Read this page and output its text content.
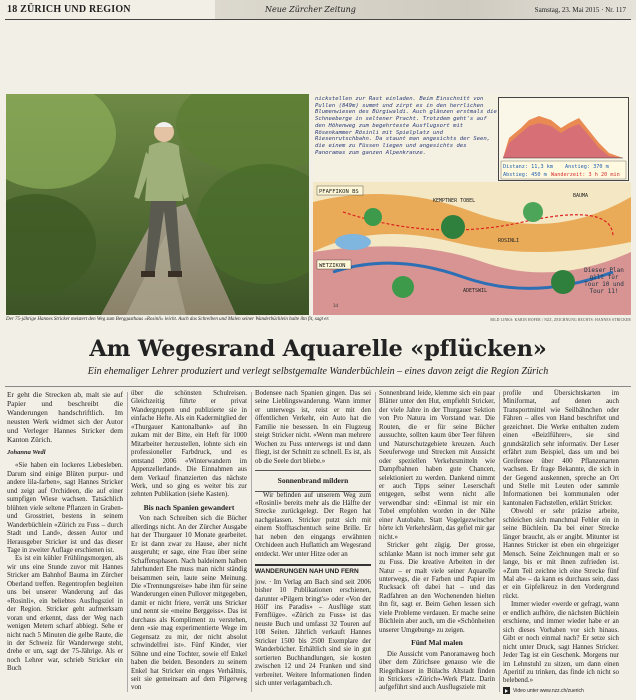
18 ZÜRICH UND REGION	Neue Zürcher Zeitung	Samstag, 23. Mai 2015 · Nr. 117
nickstellen zur Rast einladen. Beim Einschnitt von Pullen (849m) summt und zirpt es in den herrlichen Blumenwiesen des Bürgiwaldi. Auch glänzen erstmals die Schneeberge in seltener Pracht. Trotzdem geht's auf den Höhenweg zum begehrteste Ausflugsort mit Rösenkammer Rösinli mit Spielplatz und Riesenrutschbahn. Da staunt man angesichts der Seen, die einem zu Füssen liegen und angesichts des Panoramas zum ganzen Alpenkranze.
Distanz: 11,3 km Anstieg: 370 m
Abstieg: 450 m Wanderzeit: 3 h 20 min
PFAFFIKON BS
WETZIKON
KEMPTNER TOBEL
ROSINLI
ADETSWIL
BAUMA
Dieser Plan gilt für Tour 10 und Tour 11!
34
Der 75-jährige Hannes Stricker meistert den Weg zum Berggasthaus «Rosinli» leicht. Auch das Schreiben und Malen seiner Wanderbüchlein halte ihn fit, sagt er.	BILD LINKS: KARIN HOFER / NZZ, ZEICHNUNG RECHTS: HANNES STRICKER
Am Wegesrand Aquarelle «pflücken»
Ein ehemaliger Lehrer produziert und verlegt selbstgemalte Wanderbüchlein – eines davon zeigt die Region Zürich

Er geht die Strecken ab, malt sie auf Papier und beschreibt die Wanderungen handschriftlich. Im neusten Werk widmet sich der Autor und Verleger Hannes Stricker dem Kanton Zürich.

Johanna Wedl

«Sie haben ein lockeres Liebesleben. Darum sind einige Blüten purpur- und andere lila-farben», sagt Hannes Stricker und zeigt auf Orchideen, die auf einer sumpfigen Wiese wachsen. Tatsächlich blühten viele seltene Pflanzen in Graben- und Grosstriet, bestens in seinem Wanderbüchlein «Zürich zu Fuss – durch Stadt und Land», dessen Autor und Herausgeber Stricker ist und das dieser Tage in zweiter Auflage erschienen ist.

Es ist ein kühler Frühlingsmorgen, als wir uns eine Stunde zuvor mit Hannes Stricker am Bahnhof Bauma im Zürcher Oberland treffen. Regentropfen begleiten uns bei unserer Wanderung auf das «Rosinli», ein beliebtes Ausflugsziel in der Region. Stricker geht aufmerksam voran und erkennt, dass der Weg nach wenigen Metern scharf abbiegt. Sehe er nicht nach 5 Minuten die gelbe Raute, die in der Schweiz für Wanderwege steht, drehe er um, sagt der 75-Jährige. Als er noch Lehrer war, schrieb Stricker ein Buch

über die schönsten Schulreisen. Gleichzeitig führte er privat Wandergruppen und publizierte sie in einfache Hefte. Als ein Kadermitglied der «Thurgauer Kantonalbank» auf ihn zukam mit der Bitte, ein Heft für 1000 Mitarbeiter herzustellen, lohnte sich ein professioneller Farbdruck, und es entstand 2006 «Winterwandern im Appenzellerland». Die Einnahmen aus dem Verkauf finanzierten das nächste Werk, und so ging es weiter bis zur zehnten Publikation (siehe Kasten).

Bis nach Spanien gewandert

Von nach Schreiben sich die Bücher allerdings nicht. An der Zürcher Ausgabe hat der Thurgauer 10 Monate gearbeitet. Er ist dann zwar zu Hause, aber nicht ausgeruht; er sage, eine Frau über seine Schaffensphasen. Nach baldeinem halben Jahrhundert Ehe muss man nicht ständig beisammen sein, laute seine Meinung. Die «Trennungsreise» habe ihm für seine Wanderungen einen Pullover mitgegeben, damit er nicht friere, verrät uns Stricker und nennt sie «meine Berggeiss». Das ist durchaus als Kompliment zu verstehen, denn «sie mag experimentierte Wege im Gegensatz zu mir, der nicht absolut schwindelfrei ist». Fünf Kinder, vier Söhne und eine Tochter, sowie elf Enkel haben die beiden. Besonders zu seinem Enkel hat Stricker ein enges Verhältnis, seit sie gemeinsam auf dem Pilgerweg von

Bodensee nach Spanien gingen. Das sei seine Lieblingswanderung. Wann immer er unterwegs ist, reist er mit den öffentlichen Verkehr, ein Auto hat die Familie nie besessen. In ein Flugzeug steigt Stricker nicht. «Wenn man mehrere Wochen zu Fuss unterwegs ist und dann fliegt, ist der Schnitt zu schnell. Es ist, als ob die Seele dort bliebe.»

Sonnenbrand mildern

Wir befinden auf unserem Weg zum «Rosinli» bereits mehr als die Hälfte der Strecke zurückgelegt. Der Regen hat nachgelassen. Stricker putzt sich mit einem Stofftaschentuch seine Brille. Er hat neben den eingangs erwähnten Orchideen auch Huflattich am Wegesrand entdeckt. Wer unter Hitze oder an

WANDERUNGEN NAH UND FERN

jow. · Im Verlag am Bach sind seit 2006 bisher 10 Publikationen erschienen, darunter «Pilgern bringt's» oder «Von der Höll' ins Paradis» – Ausflüge statt Fernflüge». «Zürich zu Fuss» ist das neuste Buch und umfasst 32 Touren auf 108 Seiten. Jährlich verkauft Hannes Stricker 1500 bis 2500 Exemplare der Wanderbücher. Erhältlich sind sie in gut sortierten Buchhandlungen, sie kosten zwischen 12 und 24 Franken und sind verbreitet. Weitere Informationen finden sich unter verlagambach.ch.

Sonnenbrand leide, klemme sich ein paar Blätter unter den Hut, empfiehlt Stricker, der viele Jahre in der Thurgauer Sektion von Pro Natura im Vorstand war. Die Routen, die er für seine Bücher aussuchte, sollten kaum über Teer führen und Naturschutzgebiete kreuzen. Auch Seeuferwege und Strecken mit Aussicht oder speziellen Verkehrsmitteln wie Dampfbahnen haben gute Chancen, selektioniert zu werden. Dankend nimmt er auch Tipps seiner Leserschaft entgegen, selbst wenn nicht alle verwendbar sind: «Einmal ist mir ein Tobel empfohlen worden in der Nähe einer Autobahn. Statt Vogelgezwitscher hörte ich Verkehrslärm, das gefiel mir gar nicht.»

Stricker geht zügig. Der grosse, schlanke Mann ist noch immer sehr gut zu Fuss. Die kreative Arbeiten in der Natur – er malt viele seiner Aquarelle unterwegs, die er Farben und Papier im Rucksack oft dabei hat – und das Radfahren an den Wochenenden hielten ihn fit, sagt er. Beim Gehen lessen sich viele Probleme verdauen. Er mache seine Büchlein aber auch, um die «Schönheiten unserer Umgebung» zu zeigen.

Fünf Mal malen

Die Aussicht vom Panoramaweg hoch über dem Zürichsee genauso wie die Riegelhäuser in Bülachs Altstadt finden in Strickers «Zürich»-Werk Platz. Darin aufgeführt sind auch Ausflugsziele mit

profile und Übersichtskarten im Miniformat, auf denen auch Transportmittel wie Seilbähnchen oder Fähren – alles von Hand beschriftet und gezeichnet. Die Werke enthalten zudem einen «Beizlführer», sie sind grundsätzlich sehr informativ. Der Leser erfährt zum Beispiel, dass um und bei Greifensee über 400 Pflanzenarten wachsen. Er frage Bekannte, die sich in der Gegend auskennen, spreche an Ort und Stelle mit Leuten oder sammle Informationen bei kommunalen oder kantonalen Fachstellen, erklärt Stricker.

Obwohl er sehr präzise arbeite, schleichen sich manchmal Fehler ein in seine Büchlein. Da bei einer Strecke länger braucht, als er angibt. Mitunter ist Hannes Stricker ist eben ein ehrgeiziger Mensch. Seine Zeichnungen malt er so lange, bis er mit ihnen zufrieden ist. «Zum Teil zeichne ich eine Strecke fünf Mal ab» – da kann es durchaus sein, dass er ein Gipfelkreuz in den Vordergrund rückt.

Immer wieder «werde er gefragt, wann er endlich aufhöre, die nächsten Büchlein erschiene, und immer wieder habe er an sich dieses Vorhaben vor sich hinaus. Gibt er noch einmal nach? Er setze sich nicht unter Druck, sagt Hannes Stricker. Jeder Tag ist ein Geschenk. Morgens nur im Lehnstuhl zu sitzen, um dann einen Aperitif zu trinken, das finde ich nicht so belebend.»

Video unter www.nzz.ch/zuerich
